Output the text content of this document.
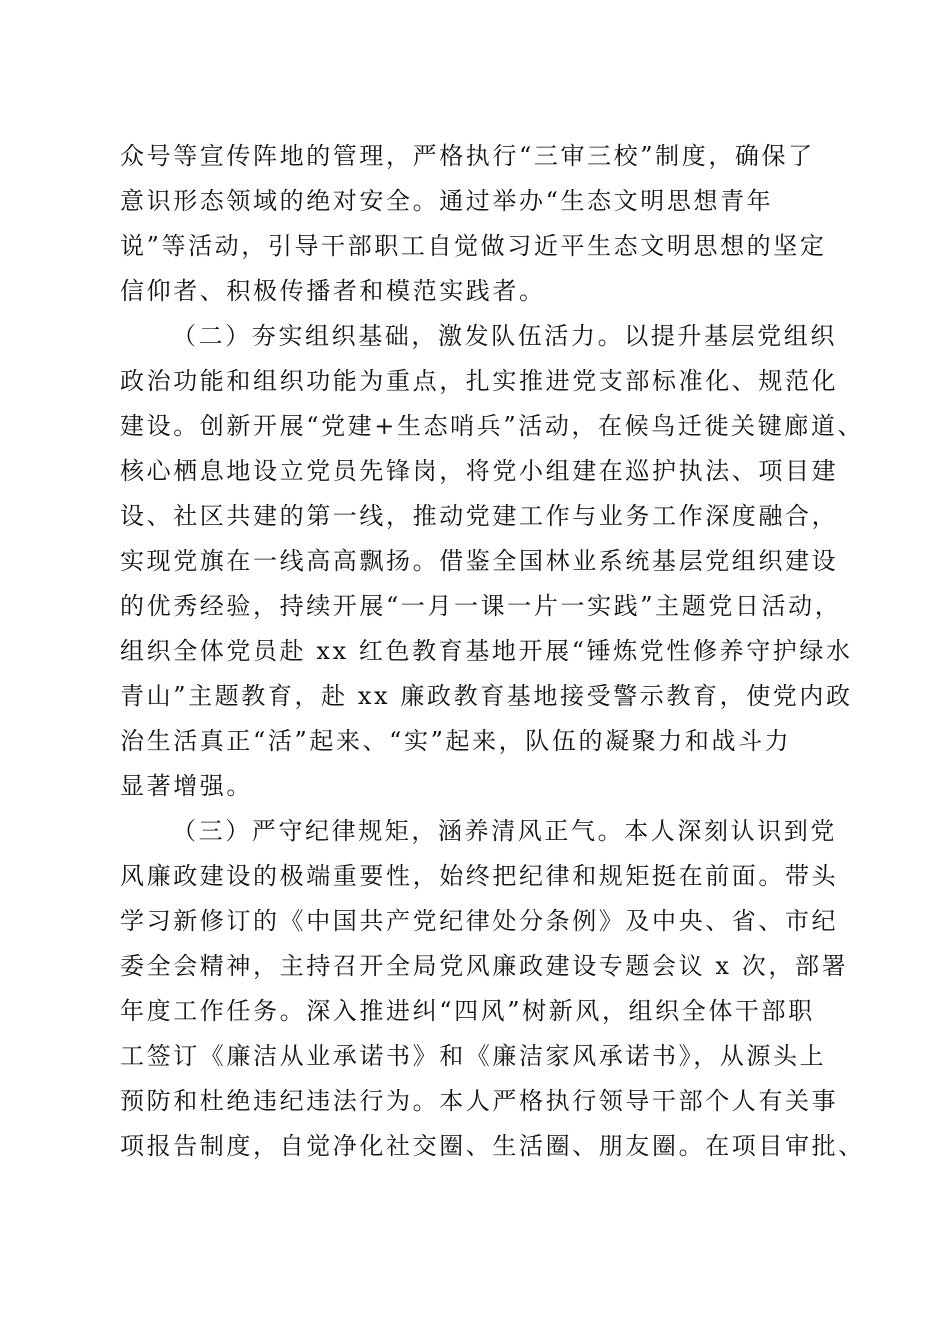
众号等宣传阵地的管理，严格执行“三审三校”制度，确保了
意识形态领域的绝对安全。通过举办“生态文明思想青年
说”等活动，引导干部职工自觉做习近平生态文明思想的坚定
信仰者、积极传播者和模范实践者。
（二）夯实组织基础，激发队伍活力。以提升基层党组织
政治功能和组织功能为重点，扎实推进党支部标准化、规范化
建设。创新开展“党建+生态哨兵”活动，在候鸟迁徙关键廊道、
核心栖息地设立党员先锋岗，将党小组建在巡护执法、项目建
设、社区共建的第一线，推动党建工作与业务工作深度融合，
实现党旗在一线高高飘扬。借鉴全国林业系统基层党组织建设
的优秀经验，持续开展“一月一课一片一实践”主题党日活动，
组织全体党员赴 xx 红色教育基地开展“锤炼党性修养守护绿水
青山”主题教育，赴 xx 廉政教育基地接受警示教育，使党内政
治生活真正“活”起来、“实”起来，队伍的凝聚力和战斗力
显著增强。
（三）严守纪律规矩，涵养清风正气。本人深刻认识到党
风廉政建设的极端重要性，始终把纪律和规矩挺在前面。带头
学习新修订的《中国共产党纪律处分条例》及中央、省、市纪
委全会精神，主持召开全局党风廉政建设专题会议 x 次，部署
年度工作任务。深入推进纠“四风”树新风，组织全体干部职
工签订《廉洁从业承诺书》和《廉洁家风承诺书》，从源头上
预防和杜绝违纪违法行为。本人严格执行领导干部个人有关事
项报告制度，自觉净化社交圈、生活圈、朋友圈。在项目审批、
